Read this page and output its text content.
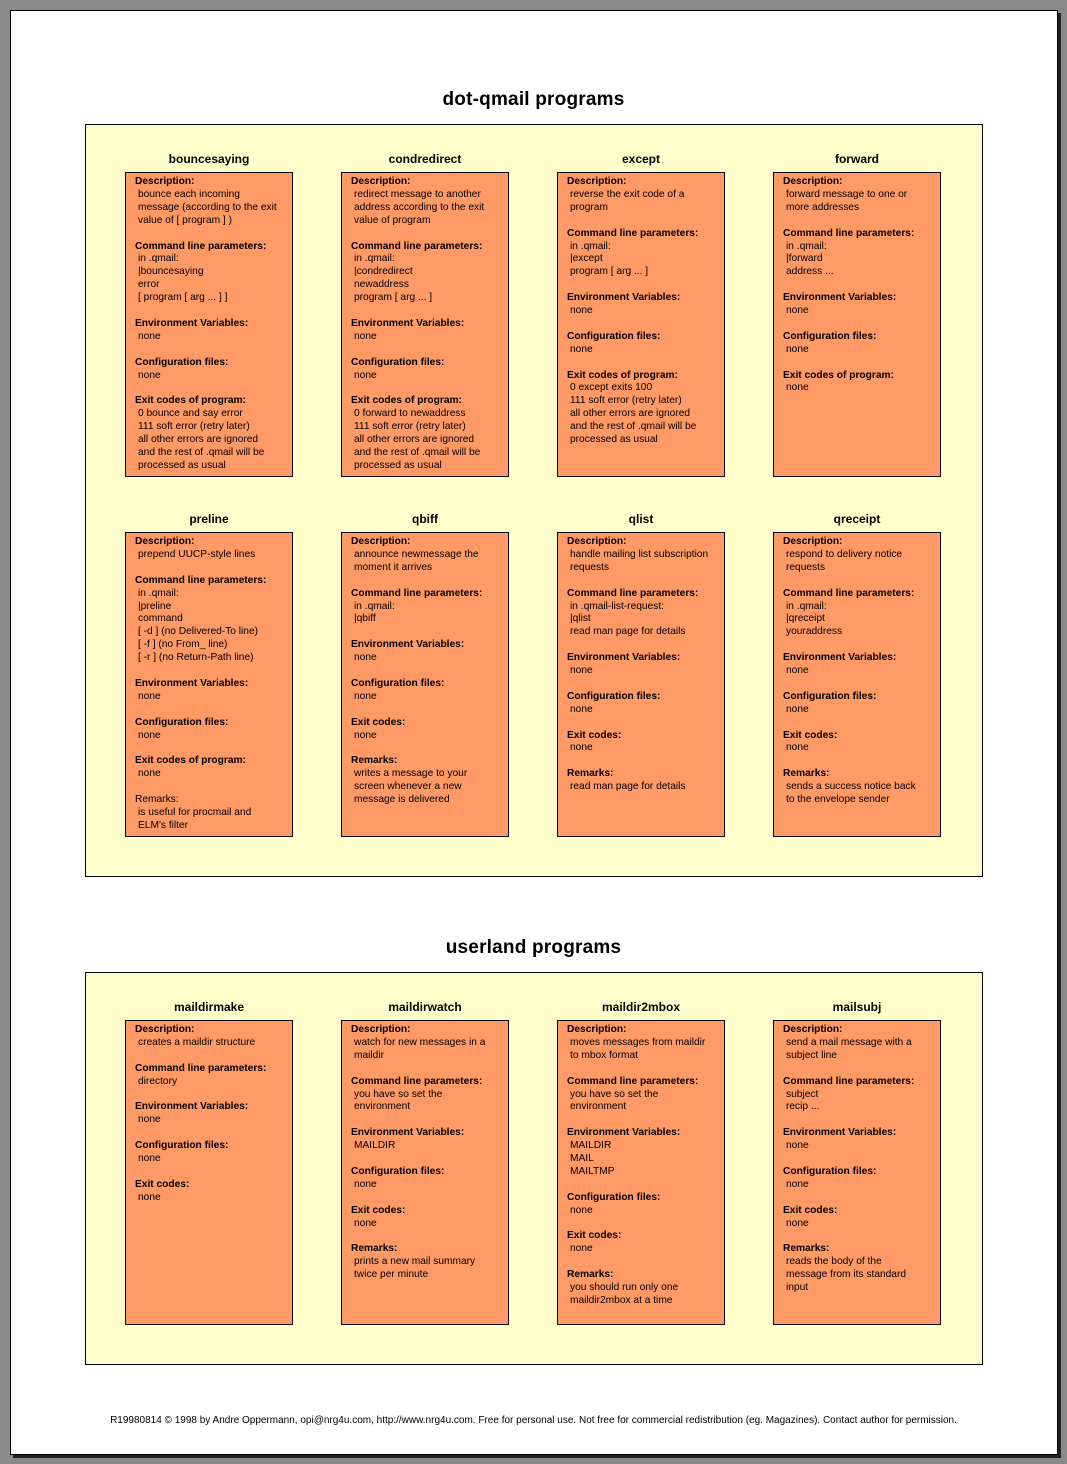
dot-qmail programs
userland programs
bouncesaying
Description:
bounce each incoming
message (according to the exit
value of [ program ] )
Command line parameters:
in .qmail:
|bouncesaying
error
[ program [ arg ... ] ]
Environment Variables:
none
Configuration files:
none
Exit codes of program:
0 bounce and say error
111 soft error (retry later)
all other errors are ignored
and the rest of .qmail will be
processed as usual
condredirect
Description:
redirect message to another
address according to the exit
value of program
Command line parameters:
in .qmail:
|condredirect
newaddress
program [ arg ... ]
Environment Variables:
none
Configuration files:
none
Exit codes of program:
0 forward to newaddress
111 soft error (retry later)
all other errors are ignored
and the rest of .qmail will be
processed as usual
except
Description:
reverse the exit code of a
program
Command line parameters:
in .qmail:
|except
program [ arg ... ]
Environment Variables:
none
Configuration files:
none
Exit codes of program:
0 except exits 100
111 soft error (retry later)
all other errors are ignored
and the rest of .qmail will be
processed as usual
forward
Description:
forward message to one or
more addresses
Command line parameters:
in .qmail:
|forward
address ...
Environment Variables:
none
Configuration files:
none
Exit codes of program:
none
preline
Description:
prepend UUCP-style lines
Command line parameters:
in .qmail:
|preline
command
[ -d ] (no Delivered-To line)
[ -f ] (no From_ line)
[ -r ] (no Return-Path line)
Environment Variables:
none
Configuration files:
none
Exit codes of program:
none
Remarks:
is useful for procmail and
ELM's filter
qbiff
Description:
announce newmessage the
moment it arrives
Command line parameters:
in .qmail:
|qbiff
Environment Variables:
none
Configuration files:
none
Exit codes:
none
Remarks:
writes a message to your
screen whenever a new
message is delivered
qlist
Description:
handle mailing list subscription
requests
Command line parameters:
in .qmail-list-request:
|qlist
read man page for details
Environment Variables:
none
Configuration files:
none
Exit codes:
none
Remarks:
read man page for details
qreceipt
Description:
respond to delivery notice
requests
Command line parameters:
in .qmail:
|qreceipt
youraddress
Environment Variables:
none
Configuration files:
none
Exit codes:
none
Remarks:
sends a success notice back
to the envelope sender
maildirmake
Description:
creates a maildir structure
Command line parameters:
directory
Environment Variables:
none
Configuration files:
none
Exit codes:
none
maildirwatch
Description:
watch for new messages in a
maildir
Command line parameters:
you have so set the
environment
Environment Variables:
MAILDIR
Configuration files:
none
Exit codes:
none
Remarks:
prints a new mail summary
twice per minute
maildir2mbox
Description:
moves messages from maildir
to mbox format
Command line parameters:
you have so set the
environment
Environment Variables:
MAILDIR
MAIL
MAILTMP
Configuration files:
none
Exit codes:
none
Remarks:
you should run only one
maildir2mbox at a time
mailsubj
Description:
send a mail message with a
subject line
Command line parameters:
subject
recip ...
Environment Variables:
none
Configuration files:
none
Exit codes:
none
Remarks:
reads the body of the
message from its standard
input
R19980814 © 1998 by Andre Oppermann, opi@nrg4u.com, http://www.nrg4u.com. Free for personal use. Not free for commercial redistribution (eg. Magazines). Contact author for permission.
